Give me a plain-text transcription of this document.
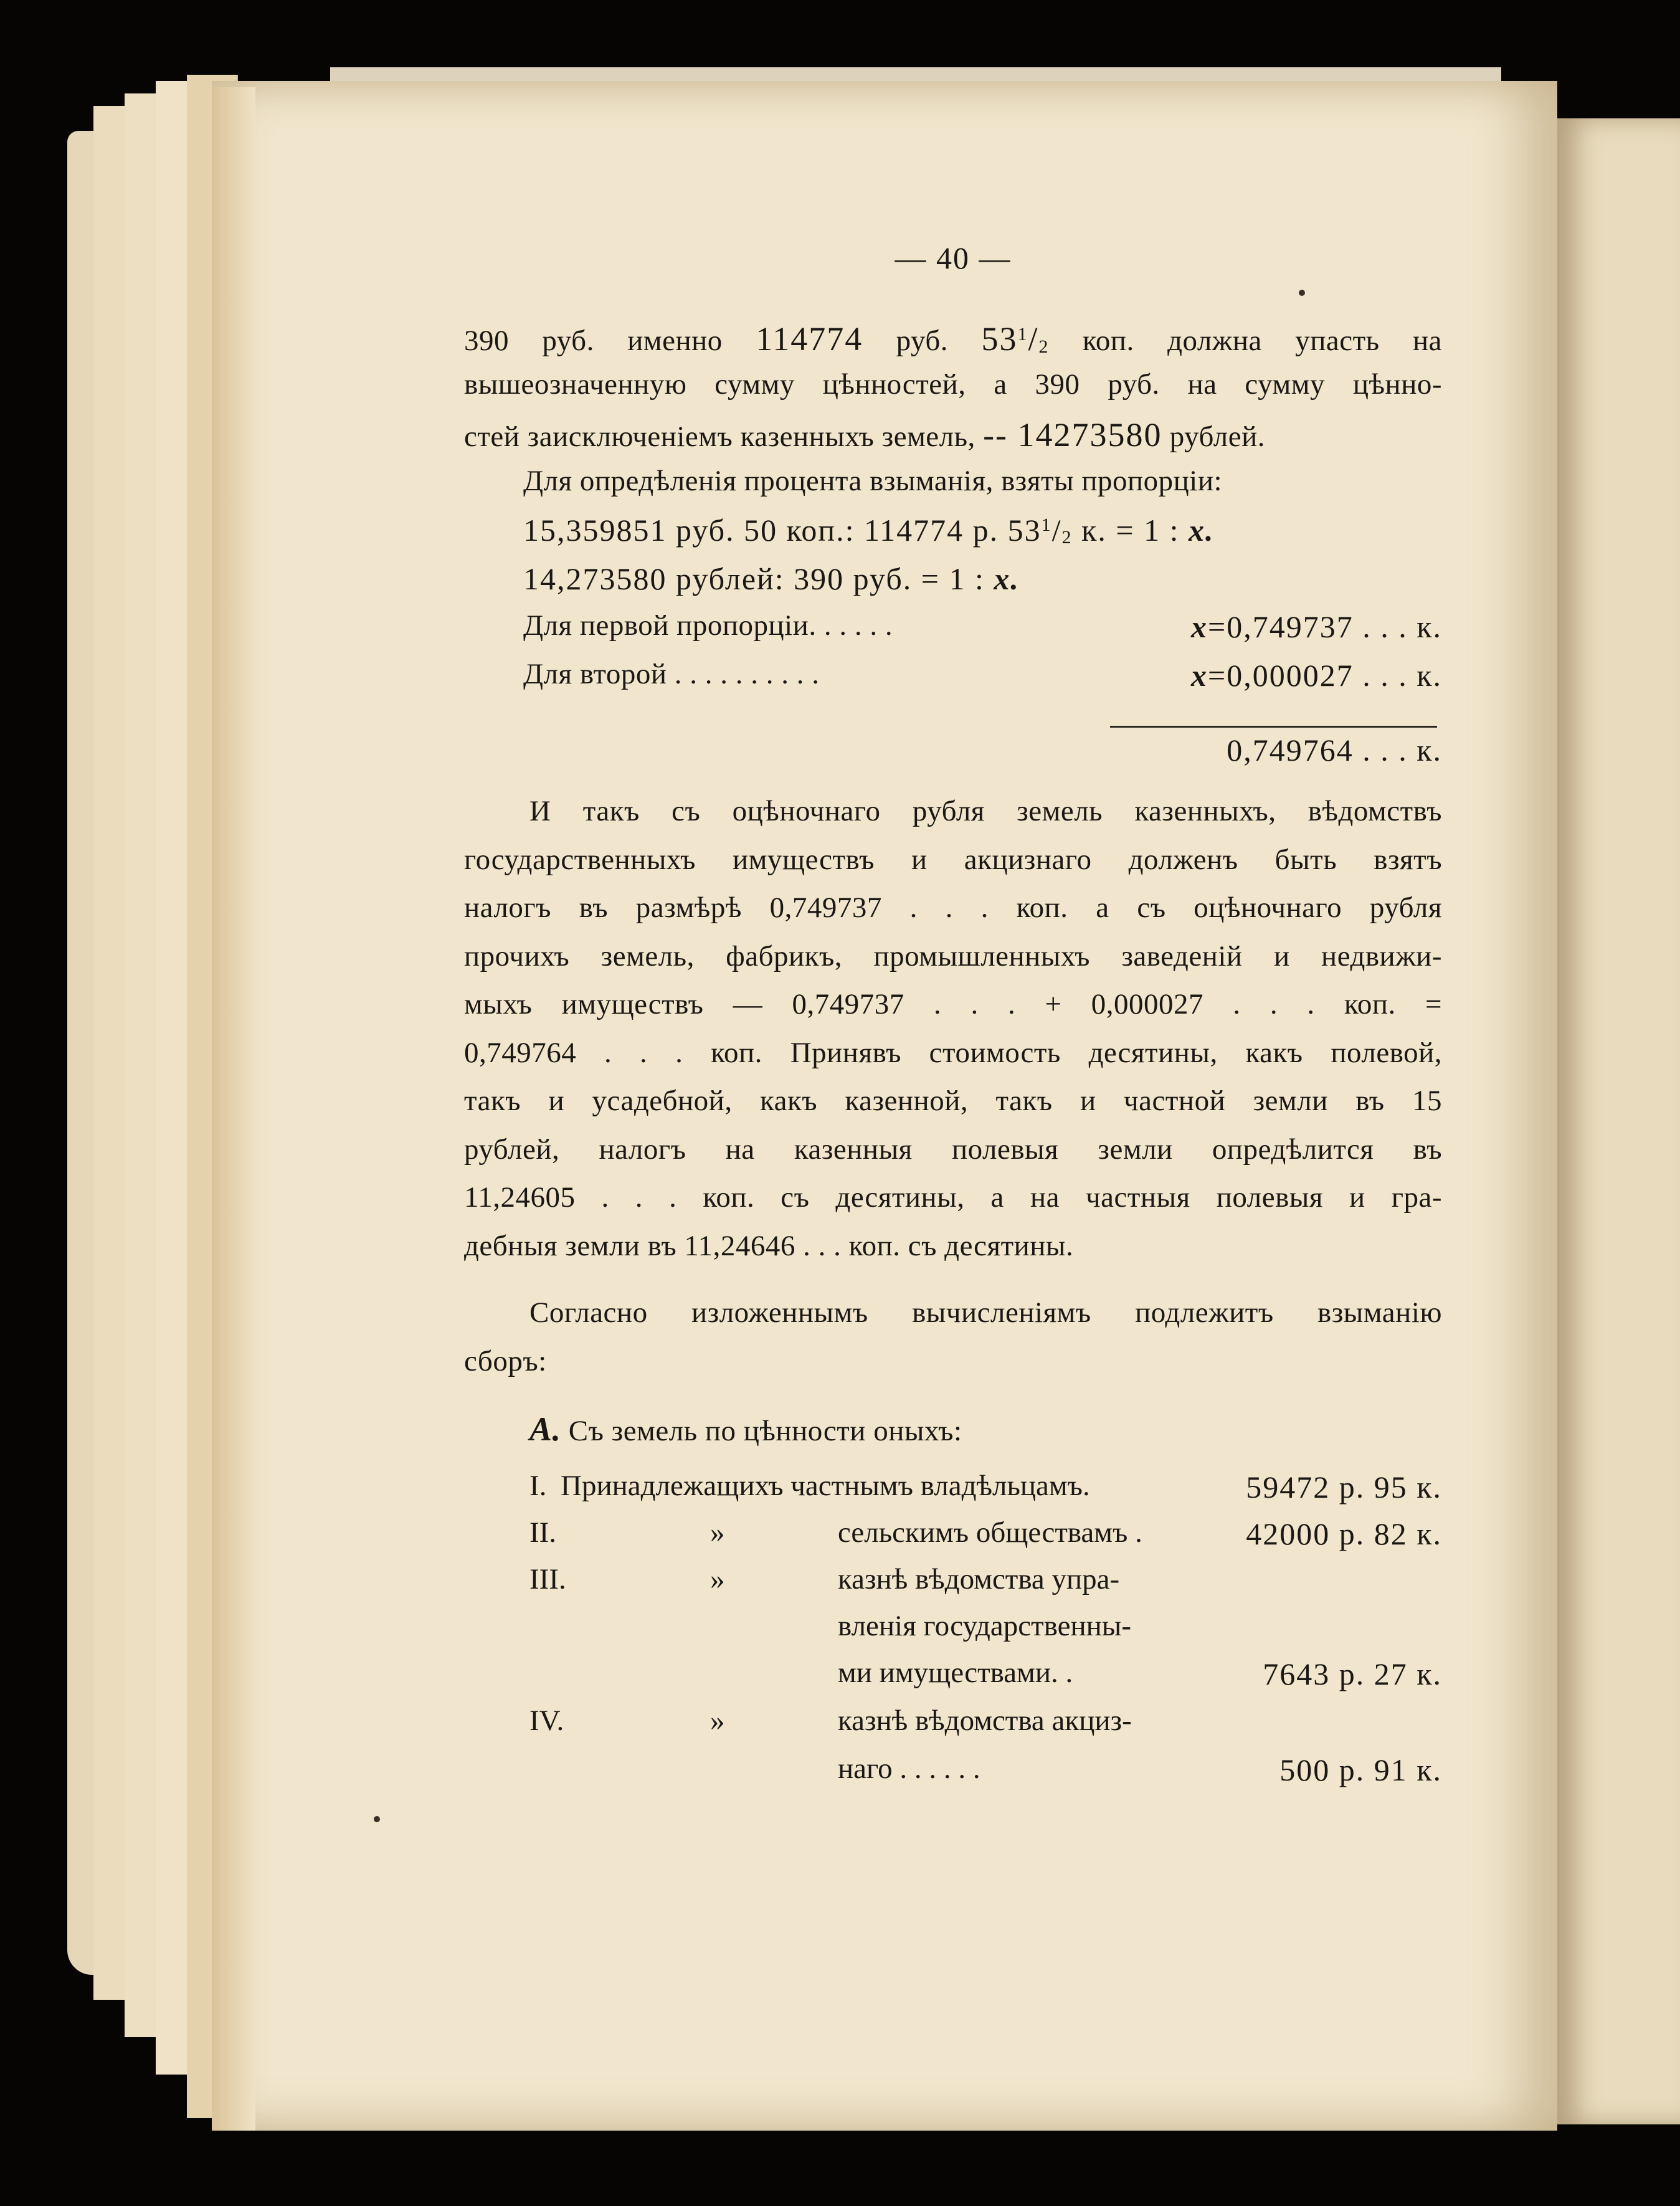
— 40 —
390 руб. именно 114774 руб. $53^1/2$ коп. должна упасть на
вышеозначенную сумму цѣнностей, а 390 руб. на сумму цѣнно-
стей заисключеніемъ казенныхъ земель, -- 14273580 рублей.
Для опредѣленія процента взыманія, взяты пропорціи:
15,359851 руб. 50 коп.: 114774 р. $53^1/2$ к. = 1 : x.
14,273580 рублей: 390 руб. = 1 : x.
Для первой пропорціи. . . . . .	x=0,749737 . . . к.
Для второй . . . . . . . . . .	x=0,000027 . . . к.
0,749764 . . . к.
И такъ съ оцѣночнаго рубля земель казенныхъ, вѣдомствъ
государственныхъ имуществъ и акцизнаго долженъ быть взятъ
налогъ въ размѣрѣ 0,749737 . . . коп. а съ оцѣночнаго рубля
прочихъ земель, фабрикъ, промышленныхъ заведеній и недвижи-
мыхъ имуществъ — 0,749737 . . . + 0,000027 . . . коп. =
0,749764 . . . коп. Принявъ стоимость десятины, какъ полевой,
такъ и усадебной, какъ казенной, такъ и частной земли въ 15
рублей, налогъ на казенныя полевыя земли опредѣлится въ
11,24605 . . . коп. съ десятины, а на частныя полевыя и гра-
дебныя земли въ 11,24646 . . . коп. съ десятины.
Согласно изложеннымъ вычисленіямъ подлежитъ взыманію
сборъ:
А. Съ земель по цѣнности оныхъ:
I. Принадлежащихъ частнымъ владѣльцамъ.	59472 р. 95 к.
II.	»	сельскимъ обществамъ .	42000 р. 82 к.
III.	»	казнѣ вѣдомства упра-
вленія государственны-
ми имуществами. .	7643 р. 27 к.
IV.	»	казнѣ вѣдомства акциз-
наго . . . . . .	500 р. 91 к.
